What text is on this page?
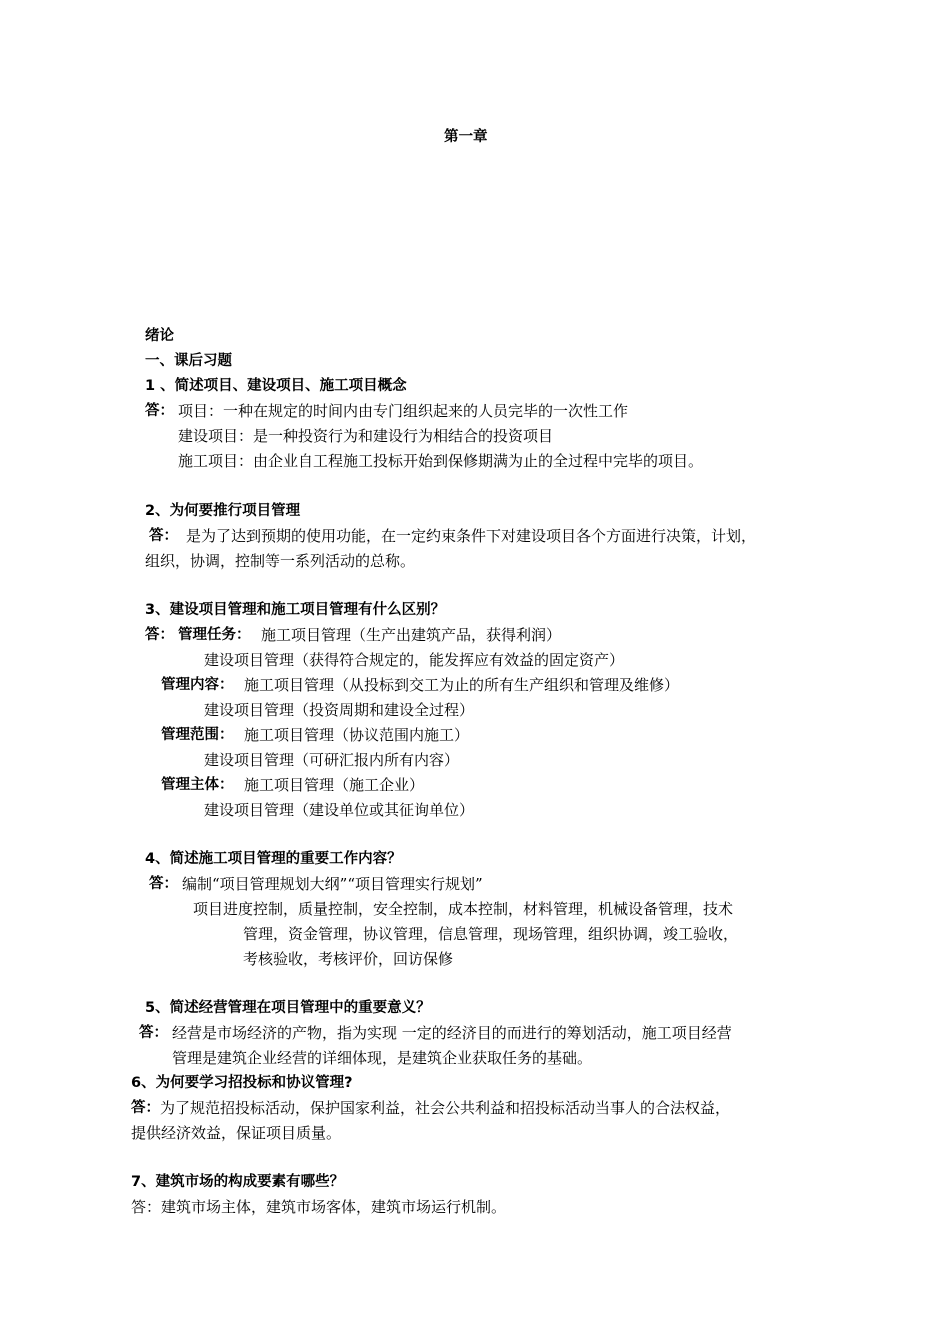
第一章
绪论
一、课后习题
1 、简述项目、建设项目、施工项目概念
答： 项目：一种在规定的时间内由专门组织起来的人员完毕的一次性工作
建设项目：是一种投资行为和建设行为相结合的投资项目
施工项目：由企业自工程施工投标开始到保修期满为止的全过程中完毕的项目。
2、为何要推行项目管理
答： 是为了达到预期的使用功能，在一定约束条件下对建设项目各个方面进行决策，计划，
组织，协调，控制等一系列活动的总称。
3、建设项目管理和施工项目管理有什么区别？
答： 管理任务： 施工项目管理（生产出建筑产品，获得利润）
建设项目管理（获得符合规定的，能发挥应有效益的固定资产）
管理内容： 施工项目管理（从投标到交工为止的所有生产组织和管理及维修）
建设项目管理（投资周期和建设全过程）
管理范围： 施工项目管理（协议范围内施工）
建设项目管理（可研汇报内所有内容）
管理主体： 施工项目管理（施工企业）
建设项目管理（建设单位或其征询单位）
4、简述施工项目管理的重要工作内容？
答： 编制“项目管理规划大纲”“项目管理实行规划”
项目进度控制，质量控制，安全控制，成本控制，材料管理，机械设备管理，技术
管理，资金管理，协议管理，信息管理，现场管理，组织协调，竣工验收，
考核验收，考核评价，回访保修
5、简述经营管理在项目管理中的重要意义？
答： 经营是市场经济的产物，指为实现 一定的经济目的而进行的筹划活动，施工项目经营
管理是建筑企业经营的详细体现，是建筑企业获取任务的基础。
6、为何要学习招投标和协议管理?
答： 为了规范招投标活动，保护国家利益，社会公共利益和招投标活动当事人的合法权益，
提供经济效益，保证项目质量。
7、建筑市场的构成要素有哪些？
答：建筑市场主体，建筑市场客体，建筑市场运行机制。
